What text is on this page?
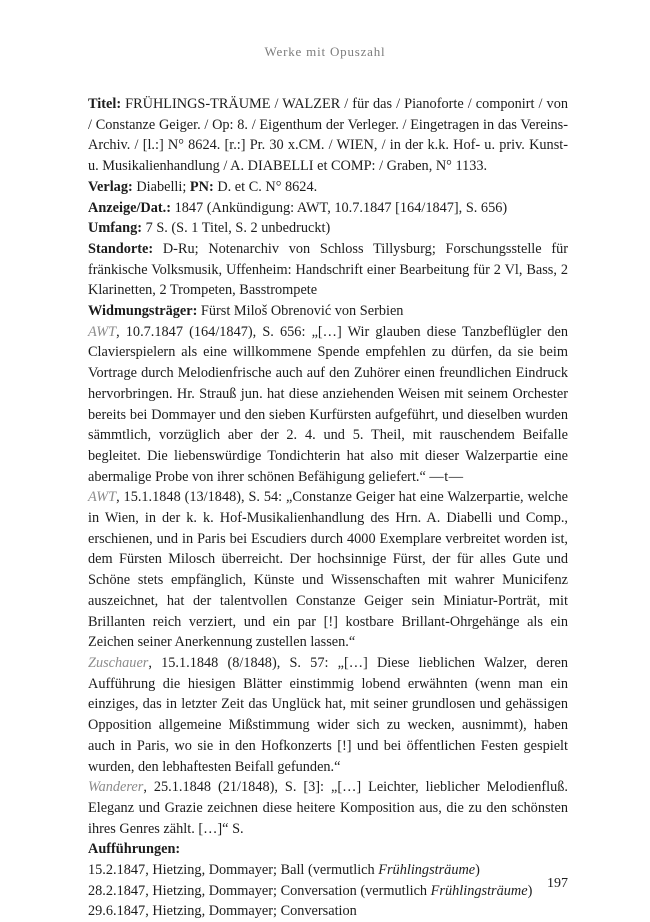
Werke mit Opuszahl

Titel: FRÜHLINGS-TRÄUME / WALZER / für das / Pianoforte / componirt / von / Constanze Geiger. / Op: 8. / Eigenthum der Verleger. / Eingetragen in das Vereins-Archiv. / [l.:] N° 8624. [r.:] Pr. 30 x.CM. / WIEN, / in der k.k. Hof- u. priv. Kunst- u. Musikalienhandlung / A. DIABELLI et COMP: / Graben, N° 1133.

Verlag: Diabelli; PN: D. et C. N° 8624.

Anzeige/Dat.: 1847 (Ankündigung: AWT, 10.7.1847 [164/1847], S. 656)

Umfang: 7 S. (S. 1 Titel, S. 2 unbedruckt)

Standorte: D-Ru; Notenarchiv von Schloss Tillysburg; Forschungsstelle für fränkische Volksmusik, Uffenheim: Handschrift einer Bearbeitung für 2 Vl, Bass, 2 Klarinetten, 2 Trompeten, Basstrompete

Widmungsträger: Fürst Miloš Obrenović von Serbien

AWT, 10.7.1847 (164/1847), S. 656: „[…] Wir glauben diese Tanzbeflügler den Clavierspielern als eine willkommene Spende empfehlen zu dürfen, da sie beim Vortrage durch Melodienfrische auch auf den Zuhörer einen freundlichen Eindruck hervorbringen. Hr. Strauß jun. hat diese anziehenden Weisen mit seinem Orchester bereits bei Dommayer und den sieben Kurfürsten aufgeführt, und dieselben wurden sämmtlich, vorzüglich aber der 2. 4. und 5. Theil, mit rauschendem Beifalle begleitet. Die liebenswürdige Tondichterin hat also mit dieser Walzerpartie eine abermalige Probe von ihrer schönen Befähigung geliefert.“ —t—

AWT, 15.1.1848 (13/1848), S. 54: „Constanze Geiger hat eine Walzerpartie, welche in Wien, in der k. k. Hof-Musikalienhandlung des Hrn. A. Diabelli und Comp., erschienen, und in Paris bei Escudiers durch 4000 Exemplare verbreitet worden ist, dem Fürsten Milosch überreicht. Der hochsinnige Fürst, der für alles Gute und Schöne stets empfänglich, Künste und Wissenschaften mit wahrer Municifenz auszeichnet, hat der talentvollen Constanze Geiger sein Miniatur-Porträt, mit Brillanten reich verziert, und ein par [!] kostbare Brillant-Ohrgehänge als ein Zeichen seiner Anerkennung zustellen lassen.“

Zuschauer, 15.1.1848 (8/1848), S. 57: „[…] Diese lieblichen Walzer, deren Aufführung die hiesigen Blätter einstimmig lobend erwähnten (wenn man ein einziges, das in letzter Zeit das Unglück hat, mit seiner grundlosen und gehässigen Opposition allgemeine Mißstimmung wider sich zu wecken, ausnimmt), haben auch in Paris, wo sie in den Hofkonzerts [!] und bei öffentlichen Festen gespielt wurden, den lebhaftesten Beifall gefunden.“

Wanderer, 25.1.1848 (21/1848), S. [3]: „[…] Leichter, lieblicher Melodienfluß. Eleganz und Grazie zeichnen diese heitere Komposition aus, die zu den schönsten ihres Genres zählt. […]“ S.

Aufführungen:

15.2.1847, Hietzing, Dommayer; Ball (vermutlich Frühlingsträume)

28.2.1847, Hietzing, Dommayer; Conversation (vermutlich Frühlingsträume)

29.6.1847, Hietzing, Dommayer; Conversation

197
